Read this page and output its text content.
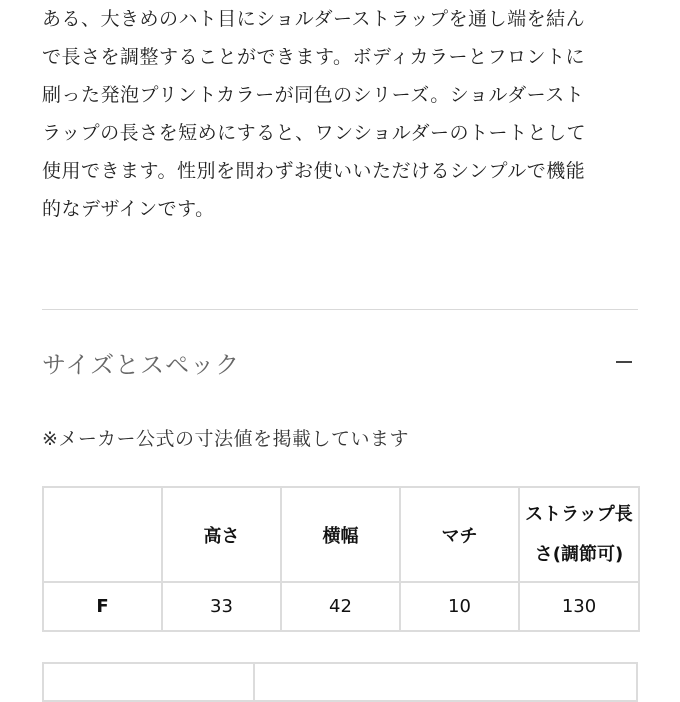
ある、大きめのハト目にショルダーストラップを通し端を結ん
で長さを調整することができます。ボディカラーとフロントに
刷った発泡プリントカラーが同色のシリーズ。ショルダースト
ラップの長さを短めにすると、ワンショルダーのトートとして
使用できます。性別を問わずお使いいただけるシンプルで機能
的なデザインです。
サイズとスペック
※メーカー公式の寸法値を掲載しています
	高さ	横幅	マチ	ストラップ長さ(調節可)
F	33	42	10	130
